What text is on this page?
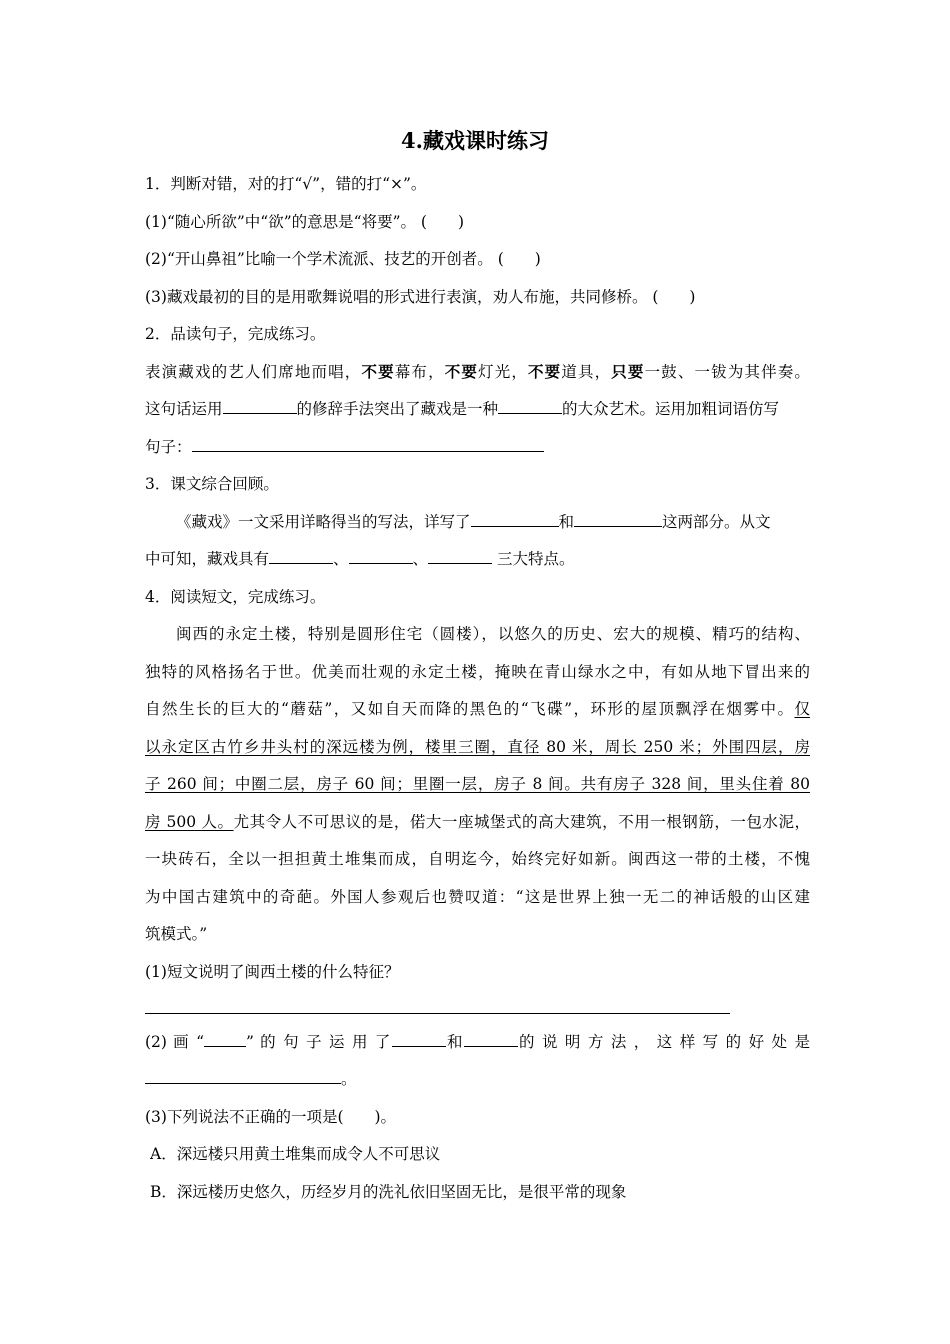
4.藏戏课时练习
1．判断对错，对的打“√”，错的打“×”。
(1)“随心所欲”中“欲”的意思是“将要”。 (　　)
(2)“开山鼻祖”比喻一个学术流派、技艺的开创者。 (　　)
(3)藏戏最初的目的是用歌舞说唱的形式进行表演，劝人布施，共同修桥。 (　　)
2．品读句子，完成练习。
表演藏戏的艺人们席地而唱，不要幕布，不要灯光，不要道具，只要一鼓、一钹为其伴奏。
这句话运用	的修辞手法突出了藏戏是一种	的大众艺术。运用加粗词语仿写
句子：
3．课文综合回顾。
《藏戏》一文采用详略得当的写法，详写了	和	这两部分。从文
中可知，藏戏具有	、	、	三大特点。
4．阅读短文，完成练习。
闽西的永定土楼，特别是圆形住宅（圆楼），以悠久的历史、宏大的规模、精巧的结构、
独特的风格扬名于世。优美而壮观的永定土楼，掩映在青山绿水之中，有如从地下冒出来的
自然生长的巨大的“蘑菇”，又如自天而降的黑色的“飞碟”，环形的屋顶飘浮在烟雾中。仅
以永定区古竹乡井头村的深远楼为例，楼里三圈，直径 80 米，周长 250 米；外围四层，房
子 260 间；中圈二层，房子 60 间；里圈一层，房子 8 间。共有房子 328 间，里头住着 80
房 500 人。尤其令人不可思议的是，偌大一座城堡式的高大建筑，不用一根钢筋，一包水泥，
一块砖石，全以一担担黄土堆集而成，自明迄今，始终完好如新。闽西这一带的土楼，不愧
为中国古建筑中的奇葩。外国人参观后也赞叹道：“这是世界上独一无二的神话般的山区建
筑模式。”
(1)短文说明了闽西土楼的什么特征？
(2) 画 “	” 的 句 子 运 用 了	和	的 说 明 方 法 ， 这 样 写 的 好 处 是
。
(3)下列说法不正确的一项是(　　)。
A．深远楼只用黄土堆集而成令人不可思议
B．深远楼历史悠久，历经岁月的洗礼依旧坚固无比，是很平常的现象
